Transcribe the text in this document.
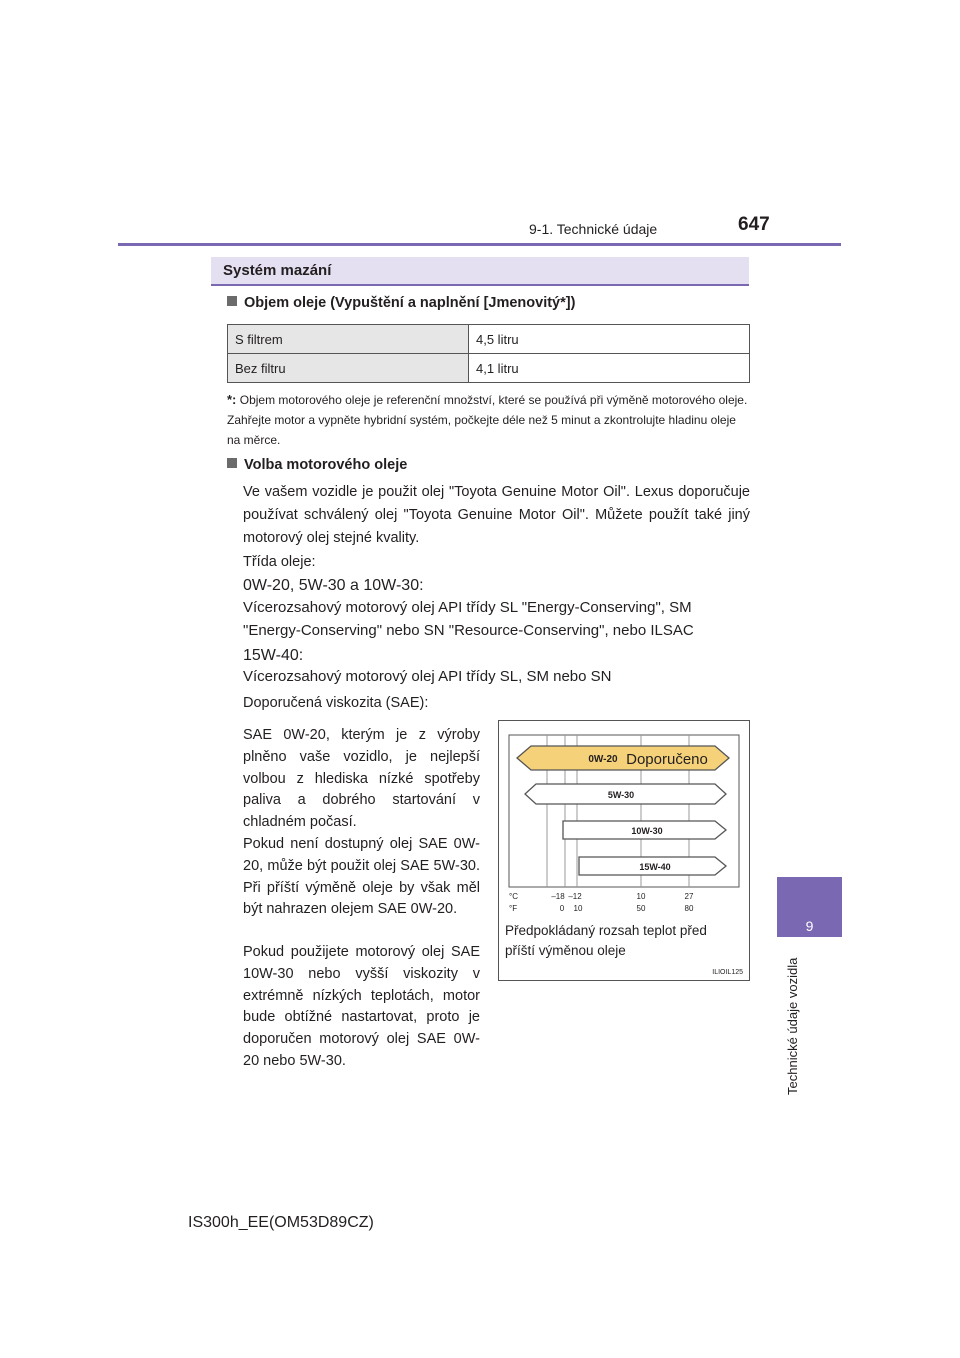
9-1. Technické údaje	647
9
Technické údaje vozidla
Systém mazání
Objem oleje (Vypuštění a naplnění [Jmenovitý*])
S filtrem	4,5 litru
Bez filtru	4,1 litru
*: Objem motorového oleje je referenční množství, které se používá při výměně motorového oleje. Zahřejte motor a vypněte hybridní systém, počkejte déle než 5 minut a zkontrolujte hladinu oleje na měrce.
Volba motorového oleje
Ve vašem vozidle je použit olej "Toyota Genuine Motor Oil". Lexus doporučuje používat schválený olej "Toyota Genuine Motor Oil". Můžete použít také jiný motorový olej stejné kvality.
Třída oleje:
0W-20, 5W-30 a 10W-30:
Vícerozsahový motorový olej API třídy SL "Energy-Conserving", SM "Energy-Conserving" nebo SN "Resource-Conserving", nebo ILSAC
15W-40:
Vícerozsahový motorový olej API třídy SL, SM nebo SN
Doporučená viskozita (SAE):
SAE 0W-20, kterým je z výroby plněno vaše vozidlo, je nejlepší volbou z hlediska nízké spotřeby paliva a dobrého startování v chladném počasí.
Pokud není dostupný olej SAE 0W-20, může být použit olej SAE 5W-30. Při příští výměně oleje by však měl být nahrazen olejem SAE 0W-20.
Pokud použijete motorový olej SAE 10W-30 nebo vyšší viskozity v extrémně nízkých teplotách, motor bude obtížné nastartovat, proto je doporučen motorový olej SAE 0W-20 nebo 5W-30.
0W-20 Doporučeno
5W-30
10W-30
15W-40
°C
°F
–18 –12	10	27
0 10	50	80
Předpokládaný rozsah teplot před příští výměnou oleje
ILIOIL125
IS300h_EE(OM53D89CZ)
